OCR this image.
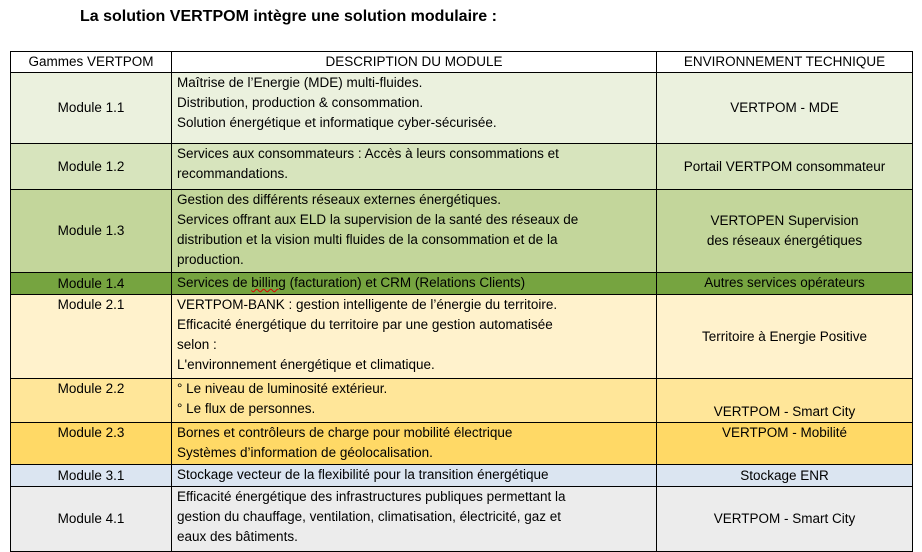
La solution VERTPOM intègre une solution modulaire :
Gammes VERTPOM	DESCRIPTION DU MODULE	ENVIRONNEMENT TECHNIQUE
Module 1.1	Maîtrise de l’Energie (MDE) multi-fluides.
Distribution, production & consommation.
Solution énergétique et informatique cyber-sécurisée.	VERTPOM - MDE
Module 1.2	Services aux consommateurs : Accès à leurs consommations et
recommandations.	Portail VERTPOM consommateur
Module 1.3	Gestion des différents réseaux externes énergétiques.
Services offrant aux ELD la supervision de la santé des réseaux de
distribution et la vision multi fluides de la consommation et de la
production.	VERTOPEN Supervision
des réseaux énergétiques

Module 1.4	Services de billing (facturation) et CRM (Relations Clients)	Autres services opérateurs
Module 2.1	VERTPOM-BANK : gestion intelligente de l’énergie du territoire.
Efficacité énergétique du territoire par une gestion automatisée
selon :
L'environnement énergétique et climatique.	Territoire à Energie Positive
Module 2.2	° Le niveau de luminosité extérieur.
° Le flux de personnes.	VERTPOM - Smart City
Module 2.3	Bornes et contrôleurs de charge pour mobilité électrique
Systèmes d’information de géolocalisation.	VERTPOM - Mobilité
Module 3.1	Stockage vecteur de la flexibilité pour la transition énergétique	Stockage ENR
Module 4.1	Efficacité énergétique des infrastructures publiques permettant la
gestion du chauffage, ventilation, climatisation, électricité, gaz et
eaux des bâtiments.	VERTPOM - Smart City
